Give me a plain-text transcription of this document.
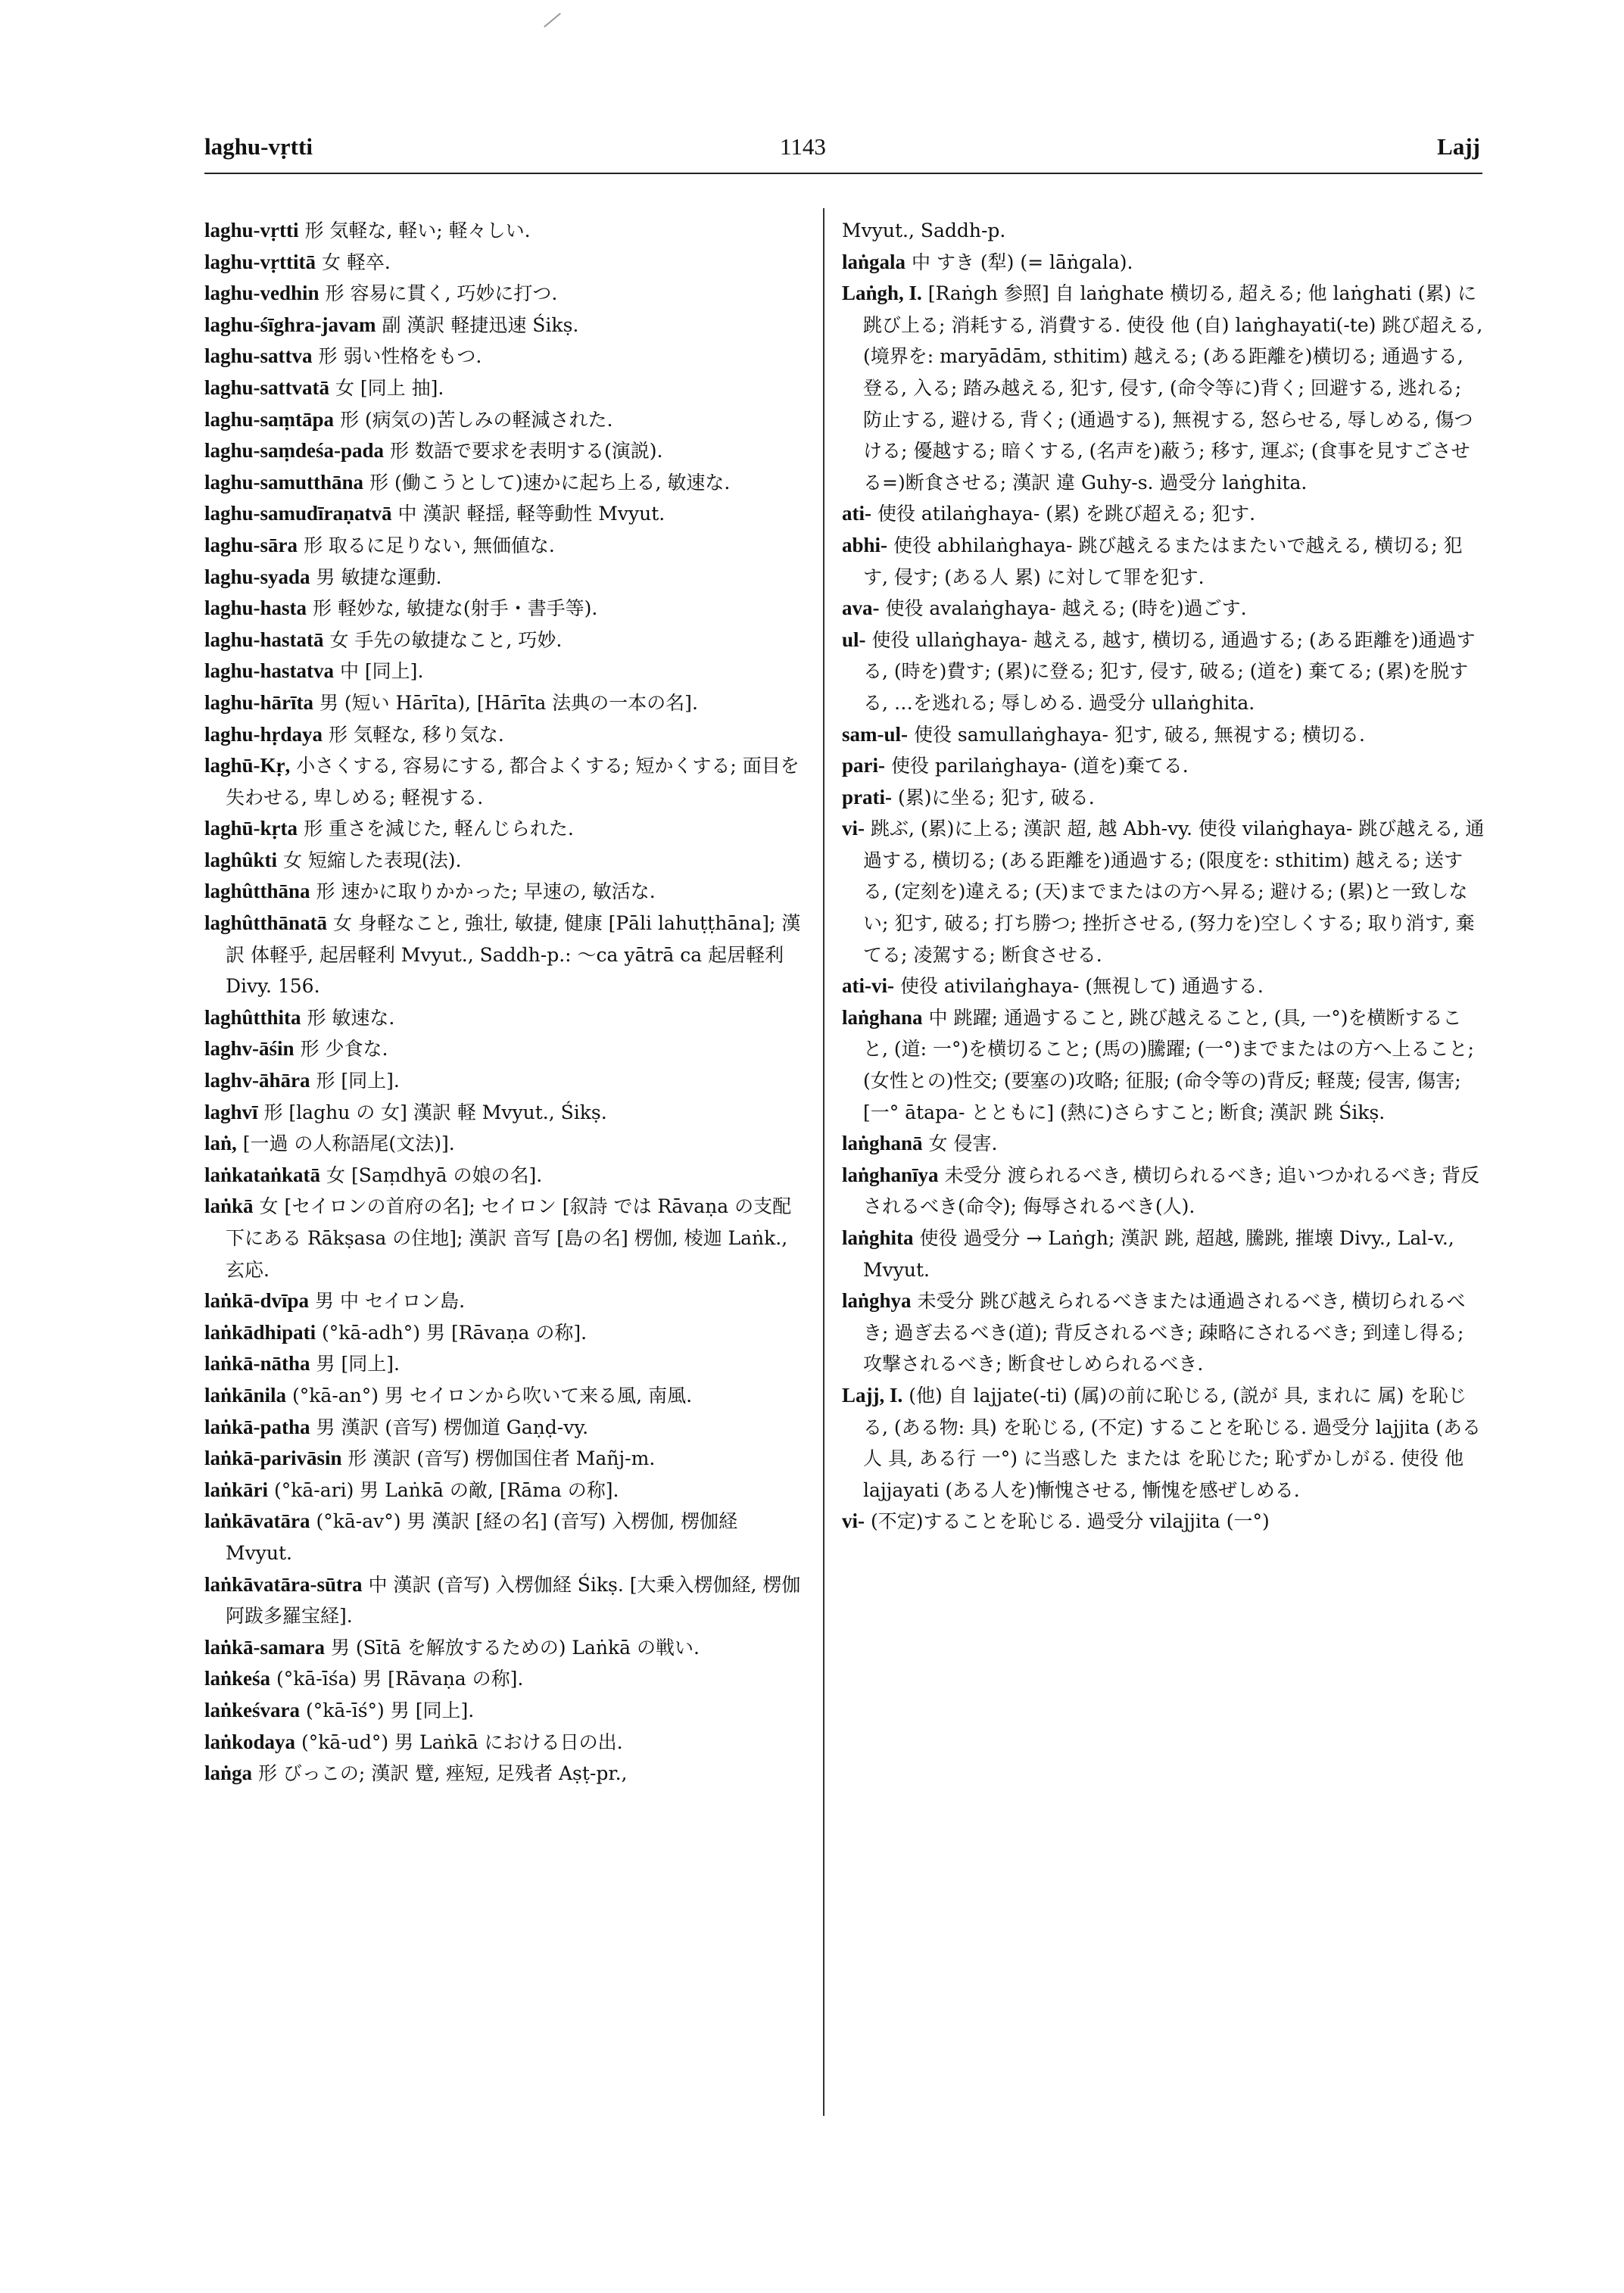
laghu-vṛtti	1143	Lajj

laghu-vṛtti 形 気軽な, 軽い; 軽々しい.

laghu-vṛttitā 女 軽卒.

laghu-vedhin 形 容易に貫く, 巧妙に打つ.

laghu-śīghra-javam 副 漢訳 軽捷迅速 Śikṣ.

laghu-sattva 形 弱い性格をもつ.

laghu-sattvatā 女 [同上 抽].

laghu-saṃtāpa 形 (病気の)苦しみの軽減された.

laghu-saṃdeśa-pada 形 数語で要求を表明する(演説).

laghu-samutthāna 形 (働こうとして)速かに起ち上る, 敏速な.

laghu-samudīraṇatvā 中 漢訳 軽揺, 軽等動性 Mvyut.

laghu-sāra 形 取るに足りない, 無価値な.

laghu-syada 男 敏捷な運動.

laghu-hasta 形 軽妙な, 敏捷な(射手・書手等).

laghu-hastatā 女 手先の敏捷なこと, 巧妙.

laghu-hastatva 中 [同上].

laghu-hārīta 男 (短い Hārīta), [Hārīta 法典の一本の名].

laghu-hṛdaya 形 気軽な, 移り気な.

laghū-Kṛ, 小さくする, 容易にする, 都合よくする; 短かくする; 面目を失わせる, 卑しめる; 軽視する.

laghū-kṛta 形 重さを減じた, 軽んじられた.

laghûkti 女 短縮した表現(法).

laghûtthāna 形 速かに取りかかった; 早速の, 敏活な.

laghûtthānatā 女 身軽なこと, 強壮, 敏捷, 健康 [Pāli lahuṭṭhāna]; 漢訳 体軽乎, 起居軽利 Mvyut., Saddh-p.: ～ca yātrā ca 起居軽利 Divy. 156.

laghûtthita 形 敏速な.

laghv-āśin 形 少食な.

laghv-āhāra 形 [同上].

laghvī 形 [laghu の 女] 漢訳 軽 Mvyut., Śikṣ.

laṅ, [一過 の人称語尾(文法)].

laṅkataṅkatā 女 [Saṃdhyā の娘の名].

laṅkā 女 [セイロンの首府の名]; セイロン [叙詩 では Rāvaṇa の支配下にある Rākṣasa の住地]; 漢訳 音写 [島の名] 楞伽, 棱迦 Laṅk., 玄応.

laṅkā-dvīpa 男 中 セイロン島.

laṅkādhipati (°kā-adh°) 男 [Rāvaṇa の称].

laṅkā-nātha 男 [同上].

laṅkānila (°kā-an°) 男 セイロンから吹いて来る風, 南風.

laṅkā-patha 男 漢訳 (音写) 楞伽道 Gaṇḍ-vy.

laṅkā-parivāsin 形 漢訳 (音写) 楞伽国住者 Mañj-m.

laṅkāri (°kā-ari) 男 Laṅkā の敵, [Rāma の称].

laṅkāvatāra (°kā-av°) 男 漢訳 [経の名] (音写) 入楞伽, 楞伽経 Mvyut.

laṅkāvatāra-sūtra 中 漢訳 (音写) 入楞伽経 Śikṣ. [大乗入楞伽経, 楞伽阿跋多羅宝経].

laṅkā-samara 男 (Sītā を解放するための) Laṅkā の戦い.

laṅkeśa (°kā-īśa) 男 [Rāvaṇa の称].

laṅkeśvara (°kā-īś°) 男 [同上].

laṅkodaya (°kā-ud°) 男 Laṅkā における日の出.

laṅga 形 びっこの; 漢訳 躄, 痤短, 足残者 Aṣṭ-pr.,

Mvyut., Saddh-p.

laṅgala 中 すき (犁) (= lāṅgala).

Laṅgh, I. [Raṅgh 参照] 自 laṅghate 横切る, 超える; 他 laṅghati (累) に跳び上る; 消耗する, 消費する. 使役 他 (自) laṅghayati(-te) 跳び超える, (境界を: maryādām, sthitim) 越える; (ある距離を)横切る; 通過する, 登る, 入る; 踏み越える, 犯す, 侵す, (命令等に)背く; 回避する, 逃れる; 防止する, 避ける, 背く; (通過する), 無視する, 怒らせる, 辱しめる, 傷つける; 優越する; 暗くする, (名声を)蔽う; 移す, 運ぶ; (食事を見すごさせる=)断食させる; 漢訳 違 Guhy-s. 過受分 laṅghita.

ati- 使役 atilaṅghaya- (累) を跳び超える; 犯す.

abhi- 使役 abhilaṅghaya- 跳び越えるまたはまたいで越える, 横切る; 犯す, 侵す; (ある人 累) に対して罪を犯す.

ava- 使役 avalaṅghaya- 越える; (時を)過ごす.

ul- 使役 ullaṅghaya- 越える, 越す, 横切る, 通過する; (ある距離を)通過する, (時を)費す; (累)に登る; 犯す, 侵す, 破る; (道を) 棄てる; (累)を脱する, …を逃れる; 辱しめる. 過受分 ullaṅghita.

sam-ul- 使役 samullaṅghaya- 犯す, 破る, 無視する; 横切る.

pari- 使役 parilaṅghaya- (道を)棄てる.

prati- (累)に坐る; 犯す, 破る.

vi- 跳ぶ, (累)に上る; 漢訳 超, 越 Abh-vy. 使役 vilaṅghaya- 跳び越える, 通過する, 横切る; (ある距離を)通過する; (限度を: sthitim) 越える; 送する, (定刻を)違える; (天)までまたはの方へ昇る; 避ける; (累)と一致しない; 犯す, 破る; 打ち勝つ; 挫折させる, (努力を)空しくする; 取り消す, 棄てる; 凌駕する; 断食させる.

ati-vi- 使役 ativilaṅghaya- (無視して) 通過する.

laṅghana 中 跳躍; 通過すること, 跳び越えること, (具, 一°)を横断すること, (道: 一°)を横切ること; (馬の)騰躍; (一°)までまたはの方へ上ること; (女性との)性交; (要塞の)攻略; 征服; (命令等の)背反; 軽蔑; 侵害, 傷害; [一° ātapa- とともに] (熱に)さらすこと; 断食; 漢訳 跳 Śikṣ.

laṅghanā 女 侵害.

laṅghanīya 未受分 渡られるべき, 横切られるべき; 追いつかれるべき; 背反されるべき(命令); 侮辱されるべき(人).

laṅghita 使役 過受分 → Laṅgh; 漢訳 跳, 超越, 騰跳, 摧壊 Divy., Lal-v., Mvyut.

laṅghya 未受分 跳び越えられるべきまたは通過されるべき, 横切られるべき; 過ぎ去るべき(道); 背反されるべき; 疎略にされるべき; 到達し得る; 攻撃されるべき; 断食せしめられるべき.

Lajj, I. (他) 自 lajjate(-ti) (属)の前に恥じる, (説が 具, まれに 属) を恥じる, (ある物: 具) を恥じる, (不定) することを恥じる. 過受分 lajjita (ある人 具, ある行 一°) に当惑した または を恥じた; 恥ずかしがる. 使役 他 lajjayati (ある人を)慚愧させる, 慚愧を感ぜしめる.

vi- (不定)することを恥じる. 過受分 vilajjita (一°)
